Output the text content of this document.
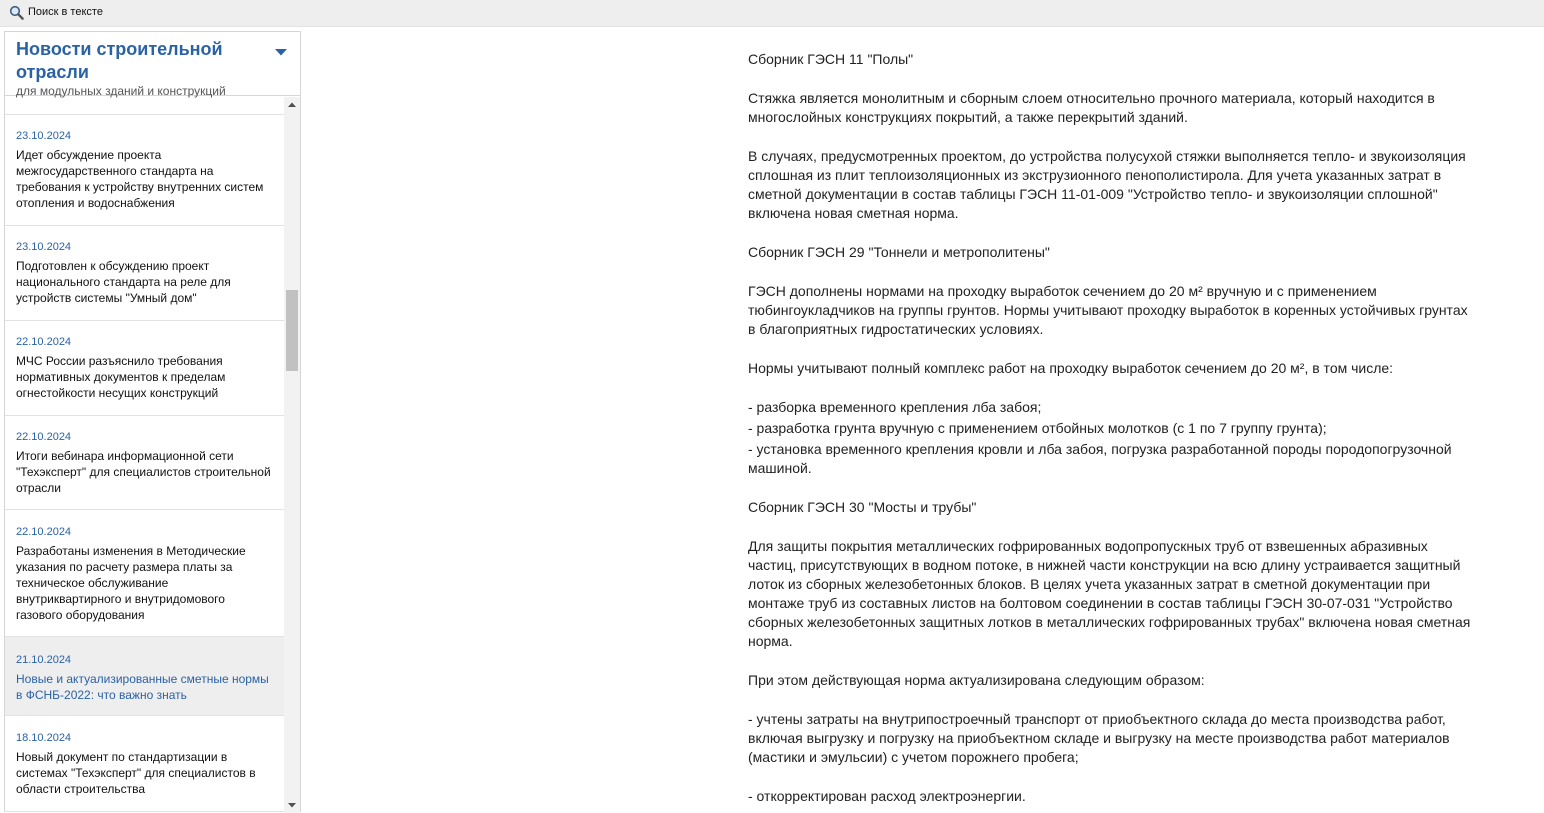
Поиск в тексте
Новости строительной отрасли
для модульных зданий и конструкций
23.10.2024
Идет обсуждение проекта межгосударственного стандарта на требования к устройству внутренних систем отопления и водоснабжения
23.10.2024
Подготовлен к обсуждению проект национального стандарта на реле для устройств системы "Умный дом"
22.10.2024
МЧС России разъяснило требования нормативных документов к пределам огнестойкости несущих конструкций
22.10.2024
Итоги вебинара информационной сети "Техэксперт" для специалистов строительной отрасли
22.10.2024
Разработаны изменения в Методические указания по расчету размера платы за техническое обслуживание внутриквартирного и внутридомового газового оборудования
21.10.2024
Новые и актуализированные сметные нормы в ФСНБ-2022: что важно знать
18.10.2024
Новый документ по стандартизации в системах "Техэксперт" для специалистов в области строительства

Сборник ГЭСН 11 "Полы"

Стяжка является монолитным и сборным слоем относительно прочного материала, который находится в многослойных конструкциях покрытий, а также перекрытий зданий.

В случаях, предусмотренных проектом, до устройства полусухой стяжки выполняется тепло- и звукоизоляция сплошная из плит теплоизоляционных из экструзионного пенополистирола. Для учета указанных затрат в сметной документации в состав таблицы ГЭСН 11-01-009 "Устройство тепло- и звукоизоляции сплошной" включена новая сметная норма.

Сборник ГЭСН 29 "Тоннели и метрополитены"

ГЭСН дополнены нормами на проходку выработок сечением до 20 м² вручную и с применением тюбингоукладчиков на группы грунтов. Нормы учитывают проходку выработок в коренных устойчивых грунтах в благоприятных гидростатических условиях.

Нормы учитывают полный комплекс работ на проходку выработок сечением до 20 м², в том числе:

- разборка временного крепления лба забоя;

- разработка грунта вручную с применением отбойных молотков (с 1 по 7 группу грунта);

- установка временного крепления кровли и лба забоя, погрузка разработанной породы породопогрузочной машиной.

Сборник ГЭСН 30 "Мосты и трубы"

Для защиты покрытия металлических гофрированных водопропускных труб от взвешенных абразивных частиц, присутствующих в водном потоке, в нижней части конструкции на всю длину устраивается защитный лоток из сборных железобетонных блоков. В целях учета указанных затрат в сметной документации при монтаже труб из составных листов на болтовом соединении в состав таблицы ГЭСН 30-07-031 "Устройство сборных железобетонных защитных лотков в металлических гофрированных трубах" включена новая сметная норма.

При этом действующая норма актуализирована следующим образом:

- учтены затраты на внутрипостроечный транспорт от приобъектного склада до места производства работ, включая выгрузку и погрузку на приобъектном складе и выгрузку на месте производства работ материалов (мастики и эмульсии) с учетом порожнего пробега;

- откорректирован расход электроэнергии.
